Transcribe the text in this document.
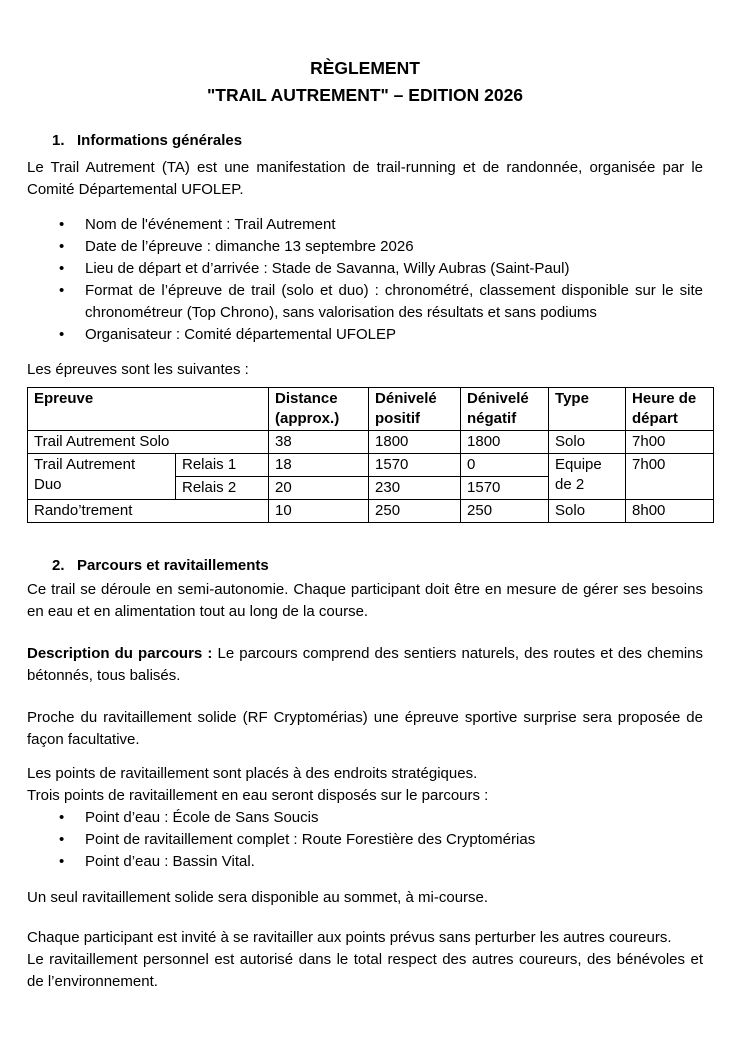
RÈGLEMENT
"TRAIL AUTREMENT" – EDITION 2026
1. Informations générales

Le Trail Autrement (TA) est une manifestation de trail-running et de randonnée, organisée par le Comité Départemental UFOLEP.

• Nom de l'événement : Trail Autrement
• Date de l’épreuve : dimanche 13 septembre 2026
• Lieu de départ et d’arrivée : Stade de Savanna, Willy Aubras (Saint-Paul)
• Format de l’épreuve de trail (solo et duo) : chronométré, classement disponible sur le site chronométreur (Top Chrono), sans valorisation des résultats et sans podiums
• Organisateur : Comité départemental UFOLEP

Les épreuves sont les suivantes :

Epreuve		Distance (approx.)	Dénivelé positif	Dénivelé négatif	Type	Heure de départ
Trail Autrement Solo		38	1800	1800	Solo	7h00

Trail Autrement Duo	Relais 1	18	1570	0	Equipe de 2	7h00
	Relais 2	20	230	1570		
Rando’trement		10	250	250	Solo	8h00
2. Parcours et ravitaillements

Ce trail se déroule en semi-autonomie. Chaque participant doit être en mesure de gérer ses besoins en eau et en alimentation tout au long de la course.

Description du parcours : Le parcours comprend des sentiers naturels, des routes et des chemins bétonnés, tous balisés.

Proche du ravitaillement solide (RF Cryptomérias) une épreuve sportive surprise sera proposée de façon facultative.

Les points de ravitaillement sont placés à des endroits stratégiques.

Trois points de ravitaillement en eau seront disposés sur le parcours :

• Point d’eau : École de Sans Soucis
• Point de ravitaillement complet : Route Forestière des Cryptomérias
• Point d’eau : Bassin Vital.

Un seul ravitaillement solide sera disponible au sommet, à mi-course.

Chaque participant est invité à se ravitailler aux points prévus sans perturber les autres coureurs.

Le ravitaillement personnel est autorisé dans le total respect des autres coureurs, des bénévoles et de l’environnement.
